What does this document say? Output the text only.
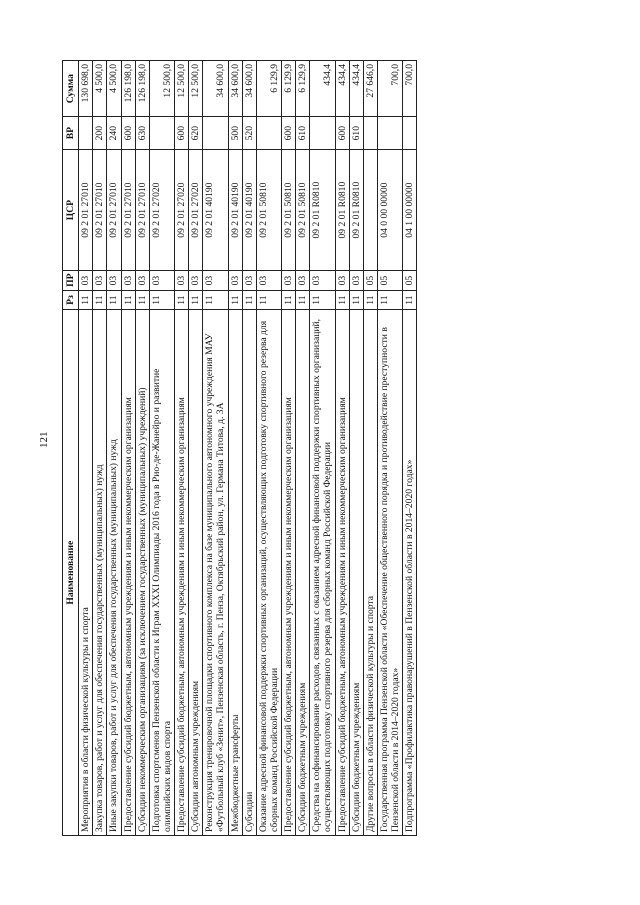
121
Наименование	Рз	ПР	ЦСР	ВР	Сумма
Мероприятия в области физической культуры и спорта	11	03	09 2 01 27010		130 698,0
Закупка товаров, работ и услуг для обеспечения государственных (муниципальных) нужд	11	03	09 2 01 27010	200	4 500,0
Иные закупки товаров, работ и услуг для обеспечения государственных (муниципальных) нужд	11	03	09 2 01 27010	240	4 500,0
Предоставление субсидий бюджетным, автономным учреждениям и иным некоммерческим организациям	11	03	09 2 01 27010	600	126 198,0
Субсидии некоммерческим организациям (за исключением государственных (муниципальных) учреждений)	11	03	09 2 01 27010	630	126 198,0
Подготовка спортсменов Пензенской области к Играм XXXI Олимпиады 2016 года в Рио-де-Жанейро и развитие олимпийских видов спорта	11	03	09 2 01 27020		12 500,0
Предоставление субсидий бюджетным, автономным учреждениям и иным некоммерческим организациям	11	03	09 2 01 27020	600	12 500,0
Субсидии автономным учреждениям	11	03	09 2 01 27020	620	12 500,0
Реконструкция тренировочной площадки спортивного комплекса на базе муниципального автономного учреждения МАУ «Футбольный клуб «Зенит», Пензенская область, г. Пенза, Октябрьский район, ул. Германа Титова, д. 3А	11	03	09 2 01 40190		34 600,0
Межбюджетные трансферты	11	03	09 2 01 40190	500	34 600,0
Субсидии	11	03	09 2 01 40190	520	34 600,0
Оказание адресной финансовой поддержки спортивных организаций, осуществляющих подготовку спортивного резерва для сборных команд Российской Федерации	11	03	09 2 01 50810		6 129,9
Предоставление субсидий бюджетным, автономным учреждениям и иным некоммерческим организациям	11	03	09 2 01 50810	600	6 129,9
Субсидии бюджетным учреждениям	11	03	09 2 01 50810	610	6 129,9
Средства на софинансирование расходов, связанных с оказанием адресной финансовой поддержки спортивных организаций, осуществляющих подготовку спортивного резерва для сборных команд Российской Федерации	11	03	09 2 01 R0810		434,4
Предоставление субсидий бюджетным, автономным учреждениям и иным некоммерческим организациям	11	03	09 2 01 R0810	600	434,4
Субсидии бюджетным учреждениям	11	03	09 2 01 R0810	610	434,4
Другие вопросы в области физической культуры и спорта	11	05			27 646,0
Государственная программа Пензенской области «Обеспечение общественного порядка и противодействие преступности в Пензенской области в 2014–2020 годах»	11	05	04 0 00 00000		700,0
Подпрограмма «Профилактика правонарушений в Пензенской области в 2014–2020 годах»	11	05	04 1 00 00000		700,0
